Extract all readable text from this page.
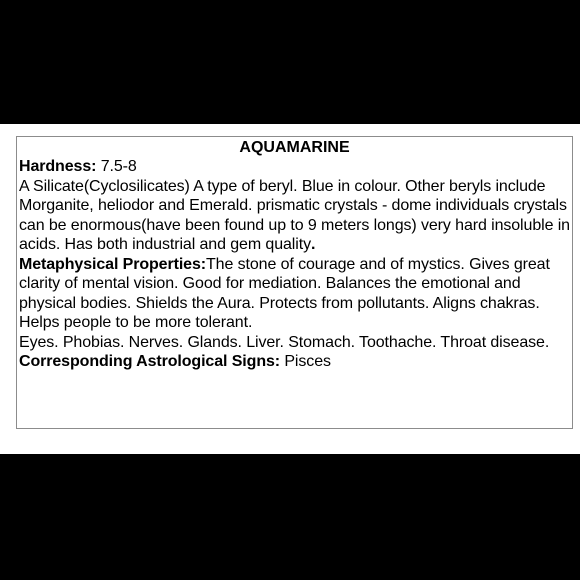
AQUAMARINE
Hardness: 7.5-8
A Silicate(Cyclosilicates) A type of beryl. Blue in colour. Other beryls include Morganite, heliodor and Emerald. prismatic crystals - dome individuals crystals can be enormous(have been found up to 9 meters longs) very hard insoluble in acids. Has both industrial and gem quality.
Metaphysical Properties:The stone of courage and of mystics. Gives great clarity of mental vision. Good for mediation. Balances the emotional and physical bodies. Shields the Aura. Protects from pollutants. Aligns chakras. Helps people to be more tolerant.
Eyes. Phobias. Nerves. Glands. Liver. Stomach. Toothache. Throat disease.
Corresponding Astrological Signs: Pisces
